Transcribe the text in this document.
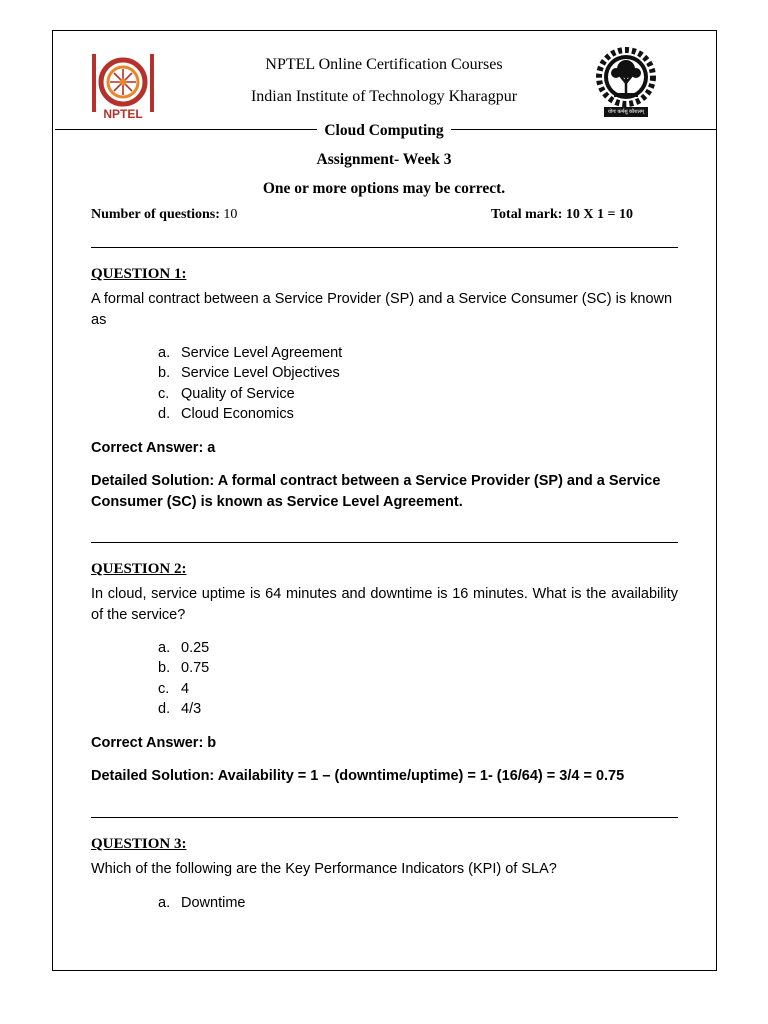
NPTEL	योगः कर्मसु कौशलम्
NPTEL Online Certification Courses
Indian Institute of Technology Kharagpur
Cloud Computing
Assignment- Week 3
One or more options may be correct.
Number of questions: 10	Total mark: 10 X 1 = 10
QUESTION 1:
A formal contract between a Service Provider (SP) and a Service Consumer (SC) is known as
a. Service Level Agreement
b. Service Level Objectives
c. Quality of Service
d. Cloud Economics
Correct Answer: a
Detailed Solution: A formal contract between a Service Provider (SP) and a Service Consumer (SC) is known as Service Level Agreement.
QUESTION 2:
In cloud, service uptime is 64 minutes and downtime is 16 minutes. What is the availability of the service?
a. 0.25
b. 0.75
c. 4
d. 4/3
Correct Answer: b
Detailed Solution: Availability = 1 – (downtime/uptime) = 1- (16/64) = 3/4 = 0.75
QUESTION 3:
Which of the following are the Key Performance Indicators (KPI) of SLA?
a. Downtime
